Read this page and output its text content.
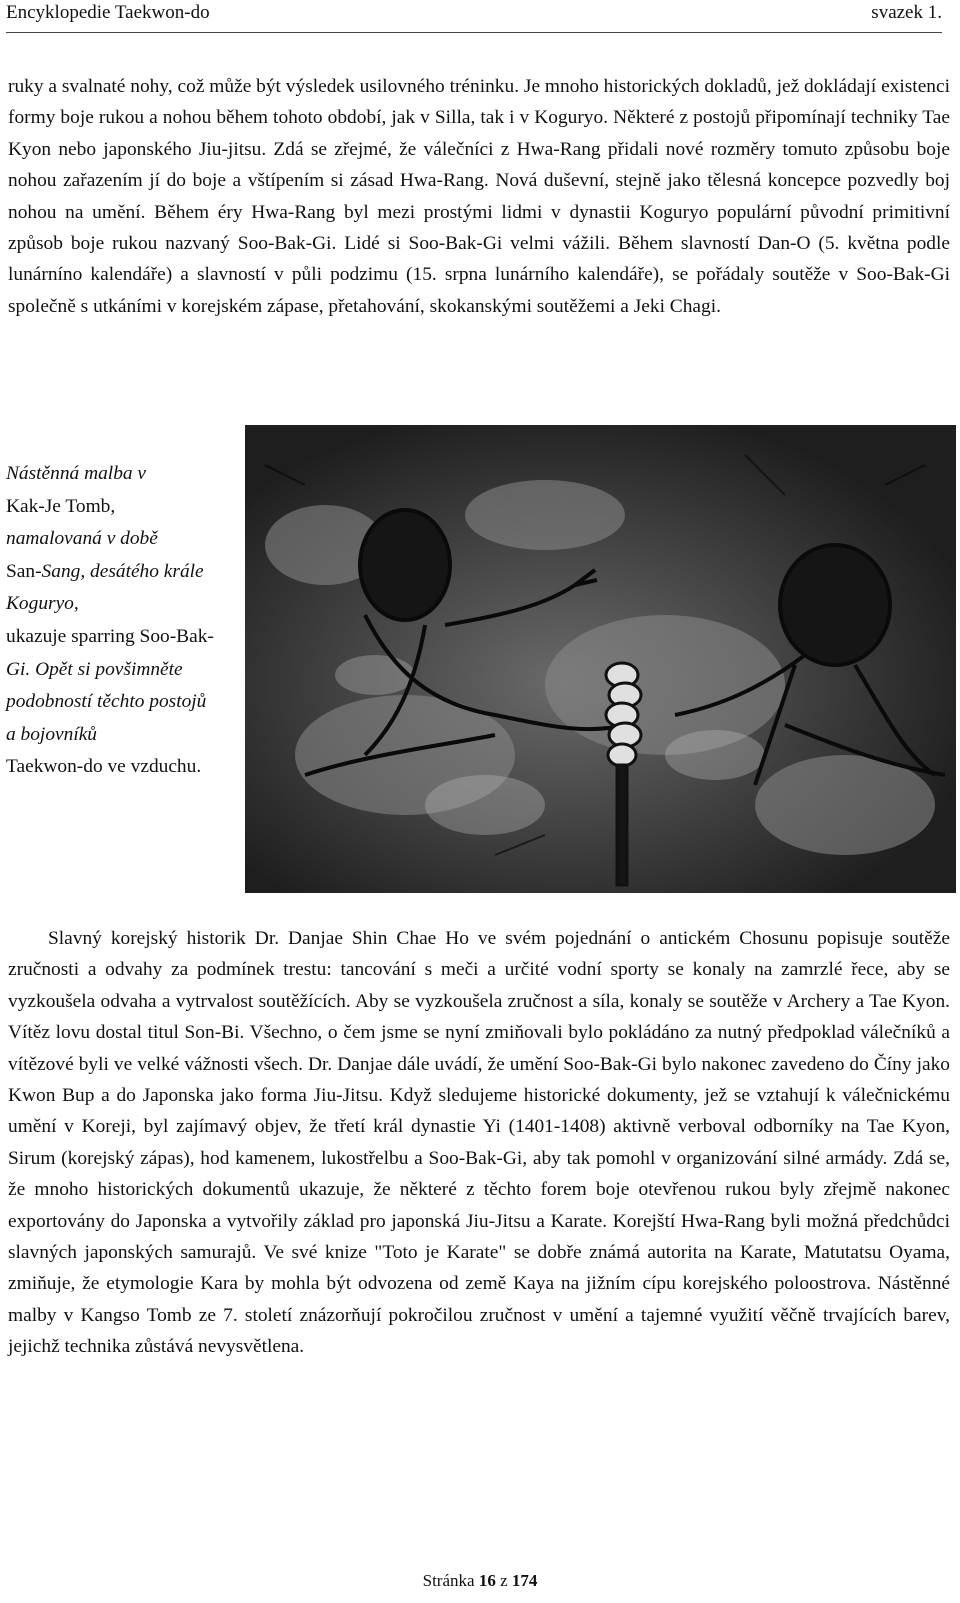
Encyklopedie Taekwon-do	svazek 1.

ruky a svalnaté nohy, což může být výsledek usilovného tréninku. Je mnoho historických dokladů, jež dokládají existenci formy boje rukou a nohou během tohoto období, jak v Silla, tak i v Koguryo. Některé z postojů připomínají techniky Tae Kyon nebo japonského Jiu-jitsu. Zdá se zřejmé, že válečníci z Hwa-Rang přidali nové rozměry tomuto způsobu boje nohou zařazením jí do boje a vštípením si zásad Hwa-Rang. Nová duševní, stejně jako tělesná koncepce pozvedly boj nohou na umění. Během éry Hwa-Rang byl mezi prostými lidmi v dynastii Koguryo populární původní primitivní způsob boje rukou nazvaný Soo-Bak-Gi. Lidé si Soo-Bak-Gi velmi vážili. Během slavností Dan-O (5. května podle lunárníno kalendáře) a slavností v půli podzimu (15. srpna lunárního kalendáře), se pořádaly soutěže v Soo-Bak-Gi společně s utkáními v korejském zápase, přetahování, skokanskými soutěžemi a Jeki Chagi.

Nástěnná malba v
Kak-Je Tomb,
namalovaná v době
San-Sang, desátého krále Koguryo,
ukazuje sparring Soo-Bak-Gi. Opět si povšimněte podobností těchto postojů a bojovníků
Taekwon-do ve vzduchu.

Slavný korejský historik Dr. Danjae Shin Chae Ho ve svém pojednání o antickém Chosunu popisuje soutěže zručnosti a odvahy za podmínek trestu: tancování s meči a určité vodní sporty se konaly na zamrzlé řece, aby se vyzkoušela odvaha a vytrvalost soutěžících. Aby se vyzkoušela zručnost a síla, konaly se soutěže v Archery a Tae Kyon. Vítěz lovu dostal titul Son-Bi. Všechno, o čem jsme se nyní zmiňovali bylo pokládáno za nutný předpoklad válečníků a vítězové byli ve velké vážnosti všech. Dr. Danjae dále uvádí, že umění Soo-Bak-Gi bylo nakonec zavedeno do Číny jako Kwon Bup a do Japonska jako forma Jiu-Jitsu. Když sledujeme historické dokumenty, jež se vztahují k válečnickému umění v Koreji, byl zajímavý objev, že třetí král dynastie Yi (1401-1408) aktivně verboval odborníky na Tae Kyon, Sirum (korejský zápas), hod kamenem, lukostřelbu a Soo-Bak-Gi, aby tak pomohl v organizování silné armády. Zdá se, že mnoho historických dokumentů ukazuje, že některé z těchto forem boje otevřenou rukou byly zřejmě nakonec exportovány do Japonska a vytvořily základ pro japonská Jiu-Jitsu a Karate. Korejští Hwa-Rang byli možná předchůdci slavných japonských samurajů. Ve své knize "Toto je Karate" se dobře známá autorita na Karate, Matutatsu Oyama, zmiňuje, že etymologie Kara by mohla být odvozena od země Kaya na jižním cípu korejského poloostrova. Nástěnné malby v Kangso Tomb ze 7. století znázorňují pokročilou zručnost v umění a tajemné využití věčně trvajících barev, jejichž technika zůstává nevysvětlena.

Stránka 16 z 174
